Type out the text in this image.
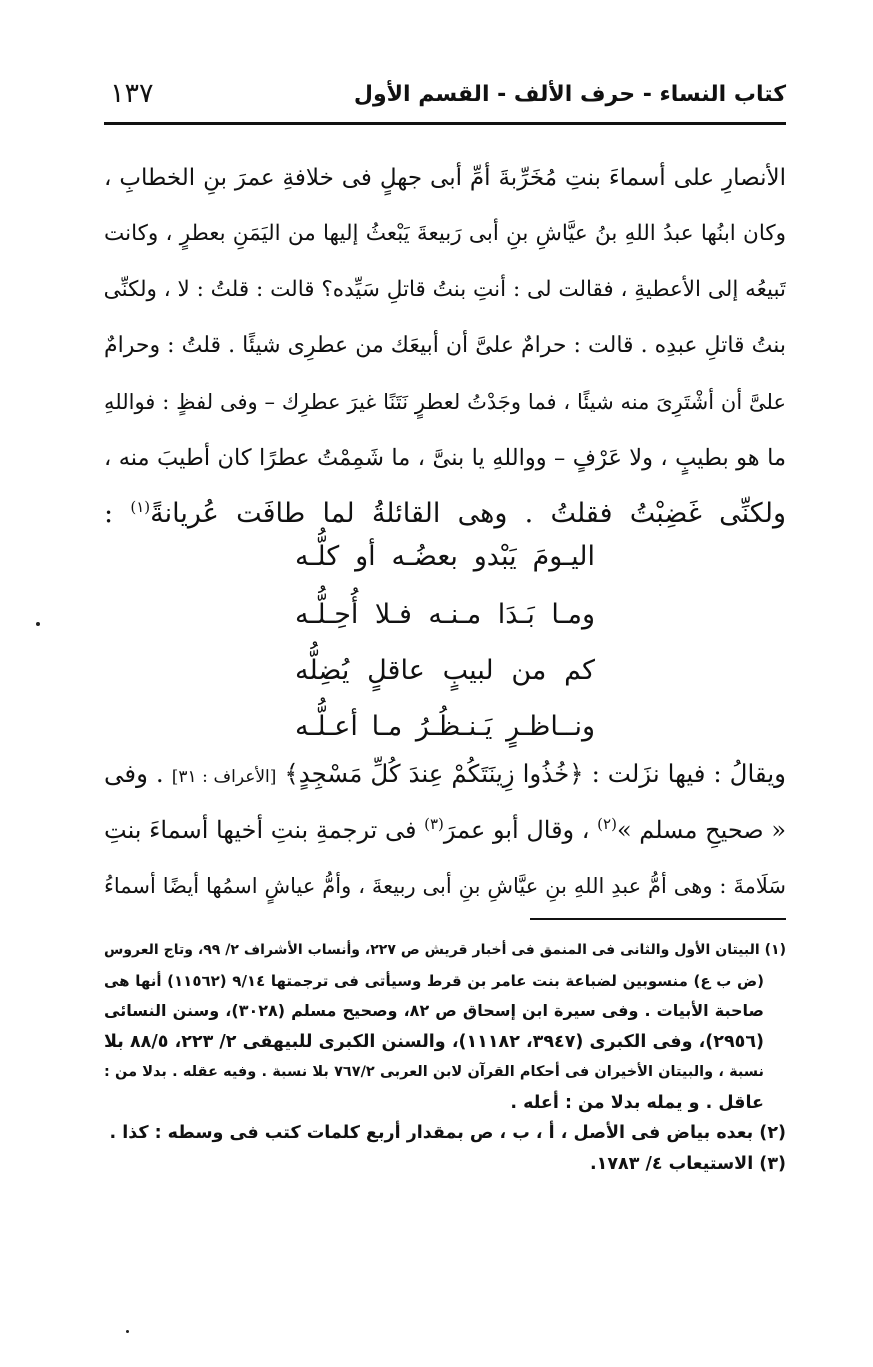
١٣٧	كتاب النساء - حرف الألف - القسم الأول
الأنصارِ على أسماءَ بنتِ مُخَرِّبةَ أمِّ أبى جهلٍ فى خلافةِ عمرَ بنِ الخطابِ ،
وكان ابنُها عبدُ اللهِ بنُ عيَّاشِ بنِ أبى رَبيعةَ يَبْعثُ إليها من اليَمَنِ بعطرٍ ، وكانت
تَبيعُه إلى الأعطيةِ ، فقالت لى : أنتِ بنتُ قاتلِ سَيِّده؟ قالت : قلتُ : لا ، ولكنِّى
بنتُ قاتلِ عبدِه . قالت : حرامٌ علىَّ أن أبيعَك من عطرِى شيئًا . قلتُ : وحرامٌ
علىَّ أن أشْتَرِىَ منه شيئًا ، فما وجَدْتُ لعطرٍ نَتَنًا غيرَ عطرِك – وفى لفظٍ : فواللهِ
ما هو بطيبٍ ، ولا عَرْفٍ – وواللهِ يا بنىَّ ، ما شَمِمْتُ عطرًا كان أطيبَ منه ،
ولكنِّى غَضِبْتُ فقلتُ . وهى القائلةُ لما طافَت عُريانةً$^{(١)}$ :
اليـومَ يَبْدو بعضُـه أو كلُّـه
ومـا بَـدَا مـنـه فـلا أُحِـلُّـه
كم من لبيبٍ عاقلٍ يُضِلُّه
ونــاظـرٍ يَـنـظُـرُ مـا أعـلُّـه
ويقالُ : فيها نزَلت : ﴿خُذُوا زِينَتَكُمْ عِندَ كُلِّ مَسْجِدٍ﴾ [الأعراف : ٣١] . وفى
« صحيحِ مسلم »$^{(٢)}$ ، وقال أبو عمرَ$^{(٣)}$ فى ترجمةِ بنتِ أخيها أسماءَ بنتِ
سَلَامةَ : وهى أمُّ عبدِ اللهِ بنِ عيَّاشِ بنِ أبى ربيعةَ ، وأمُّ عياشٍ اسمُها أيضًا أسماءُ
(١) البيتان الأول والثانى فى المنمق فى أخبار قريش ص ٢٢٧، وأنساب الأشراف ٢/ ٩٩، وتاج العروس
(ض ب ع) منسوبين لضباعة بنت عامر بن قرط وسيأتى فى ترجمتها ٩/١٤ (١١٥٦٢) أنها هى
صاحبة الأبيات . وفى سيرة ابن إسحاق ص ٨٢، وصحيح مسلم (٣٠٢٨)، وسنن النسائى
(٢٩٥٦)، وفى الكبرى (٣٩٤٧، ١١١٨٢)، والسنن الكبرى للبيهقى ٢/ ٢٢٣، ٨٨/٥ بلا
نسبة ، والبيتان الأخيران فى أحكام القرآن لابن العربى ٧٦٧/٢ بلا نسبة . وفيه عقله . بدلا من :
عاقل . و يمله بدلا من : أعله .
(٢) بعده بياض فى الأصل ، أ ، ب ، ص بمقدار أربع كلمات كتب فى وسطه : كذا .
(٣) الاستيعاب ٤/ ١٧٨٣.
